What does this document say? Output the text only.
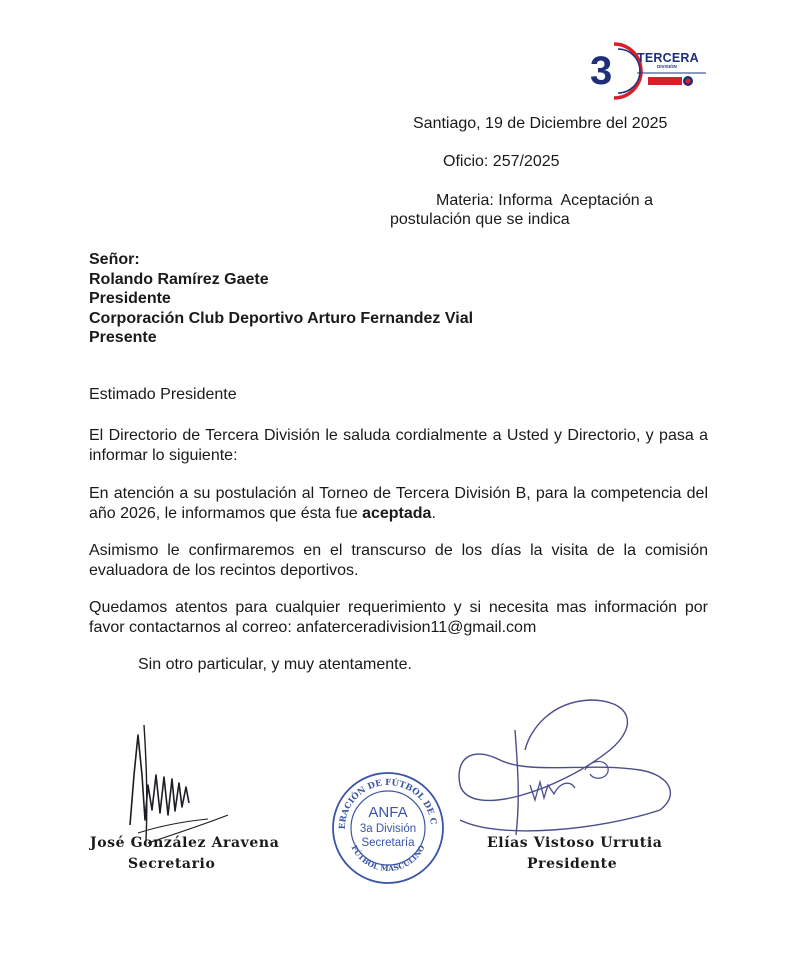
3 TERCERA
DIVISIÓN
Santiago, 19 de Diciembre del 2025
Oficio: 257/2025
Materia: Informa  Aceptación a
postulación que se indica
Señor:
Rolando Ramírez Gaete
Presidente
Corporación Club Deportivo Arturo Fernandez Vial
Presente
Estimado Presidente
El Directorio de Tercera División le saluda cordialmente a Usted y Directorio, y pasa a informar lo siguiente:
En atención a su postulación al Torneo de Tercera División B, para la competencia del año 2026, le informamos que ésta fue aceptada.
Asimismo le confirmaremos en el transcurso de los días la visita de la comisión evaluadora de los recintos deportivos.
Quedamos atentos para cualquier requerimiento y si necesita mas información por favor contactarnos al correo: anfaterceradivision11@gmail.com
Sin otro particular, y muy atentamente.
José González Aravena
Secretario
FEDERACIÓN DE FÚTBOL DE CHILE
FÚTBOL MASCULINO
ANFA
3a División
Secretaría	Elías Vistoso Urrutia
Presidente
